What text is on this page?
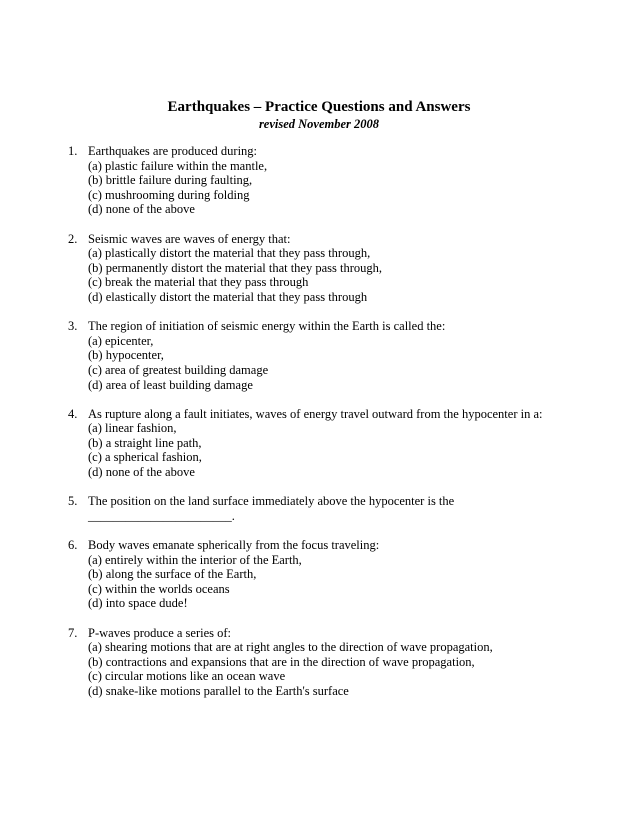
Earthquakes – Practice Questions and Answers
revised November 2008
1. Earthquakes are produced during:
(a) plastic failure within the mantle,
(b) brittle failure during faulting,
(c) mushrooming during folding
(d) none of the above
2. Seismic waves are waves of energy that:
(a) plastically distort the material that they pass through,
(b) permanently distort the material that they pass through,
(c) break the material that they pass through
(d) elastically distort the material that they pass through
3. The region of initiation of seismic energy within the Earth is called the:
(a) epicenter,
(b) hypocenter,
(c) area of greatest building damage
(d) area of least building damage
4. As rupture along a fault initiates, waves of energy travel outward from the hypocenter in a:
(a) linear fashion,
(b) a straight line path,
(c) a spherical fashion,
(d) none of the above
5. The position on the land surface immediately above the hypocenter is the
_______________________.
6. Body waves emanate spherically from the focus traveling:
(a) entirely within the interior of the Earth,
(b) along the surface of the Earth,
(c) within the worlds oceans
(d) into space dude!
7. P-waves produce a series of:
(a) shearing motions that are at right angles to the direction of wave propagation,
(b) contractions and expansions that are in the direction of wave propagation,
(c) circular motions like an ocean wave
(d) snake-like motions parallel to the Earth's surface
